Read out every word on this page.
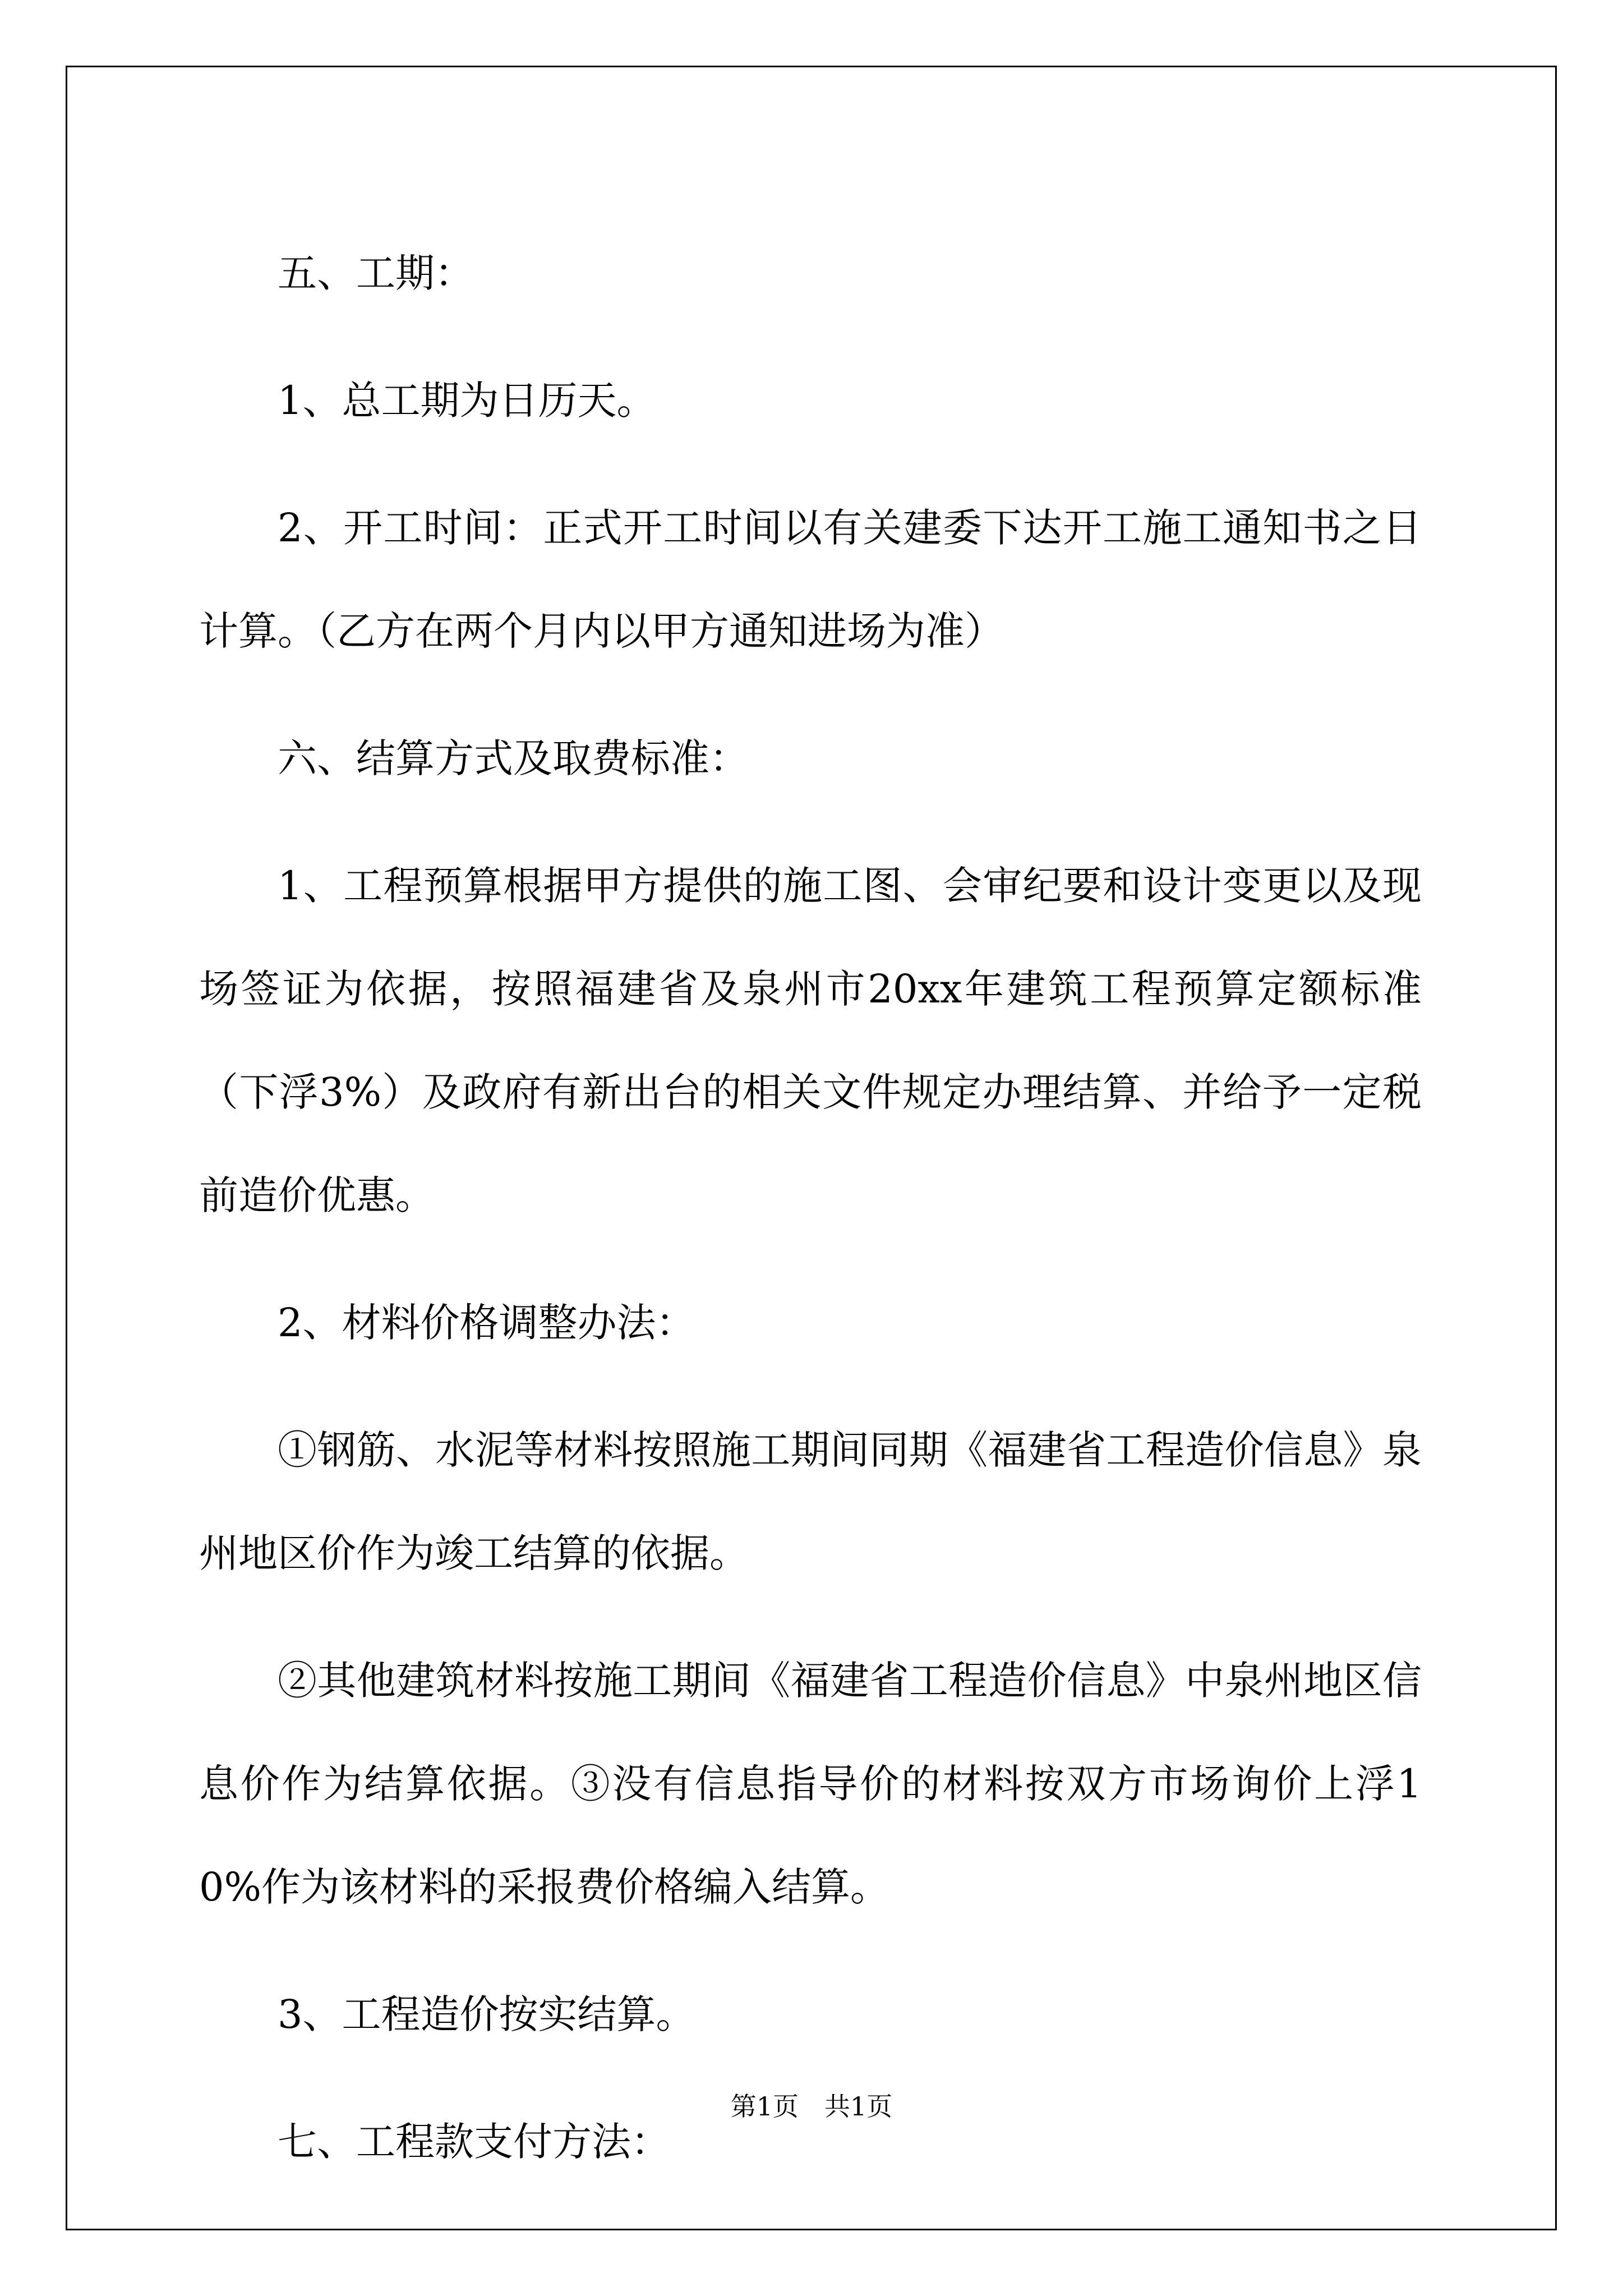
五、工期：

1、总工期为日历天。

2、开工时间：正式开工时间以有关建委下达开工施工通知书之日计算。（乙方在两个月内以甲方通知进场为准）

六、结算方式及取费标准：

1、工程预算根据甲方提供的施工图、会审纪要和设计变更以及现场签证为依据，按照福建省及泉州市20xx年建筑工程预算定额标准（下浮3%）及政府有新出台的相关文件规定办理结算、并给予一定税前造价优惠。

2、材料价格调整办法：

①钢筋、水泥等材料按照施工期间同期《福建省工程造价信息》泉州地区价作为竣工结算的依据。

②其他建筑材料按施工期间《福建省工程造价信息》中泉州地区信息价作为结算依据。③没有信息指导价的材料按双方市场询价上浮10%作为该材料的采报费价格编入结算。

3、工程造价按实结算。

七、工程款支付方法：

第1页 共1页
